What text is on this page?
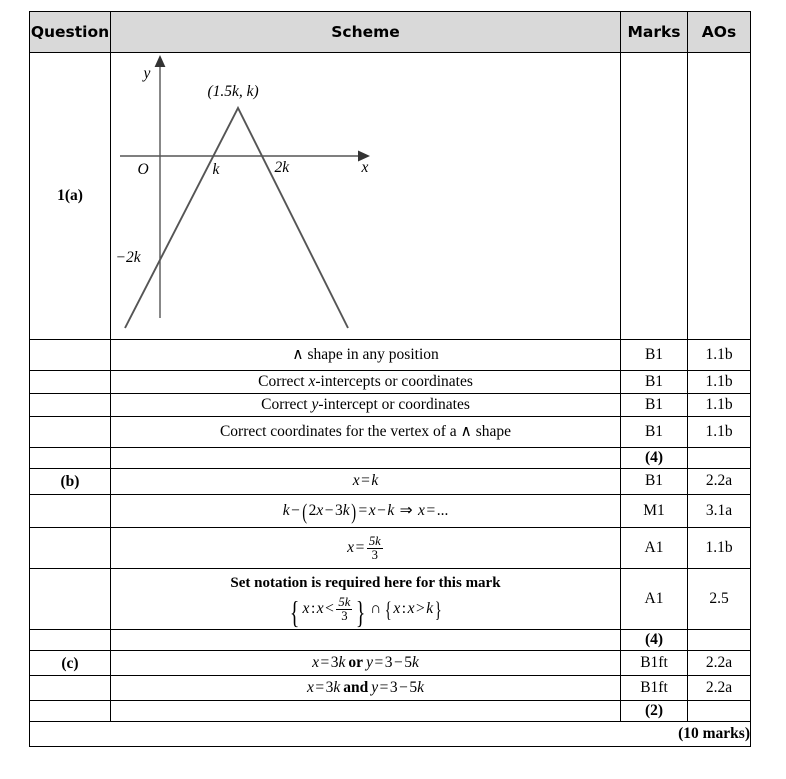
Question	Scheme	Marks	AOs
1(a)	
y
x
O
(1.5k, k)
k	2k
−2k

	∧ shape in any position	B1	1.1b
	Correct x-intercepts or coordinates	B1	1.1b
	Correct y-intercept or coordinates	B1	1.1b
	Correct coordinates for the vertex of a ∧ shape	B1	1.1b
		(4)	
(b)	x=k	B1	2.2a
	k− (2x−3k) =x−k ⇒ x=...	M1	3.1a
	$x= \frac{5k}{3}$	A1	1.1b

	Set notation is required here for this mark
{ x:x< $\frac{5k}{3}$ } ∩ { x:x>k}	A1	2.5
		(4)	
(c)	x=3k or y=3−5k	B1ft	2.2a
	x=3k and y=3−5k	B1ft	2.2a
		(2)	
(10 marks)			
